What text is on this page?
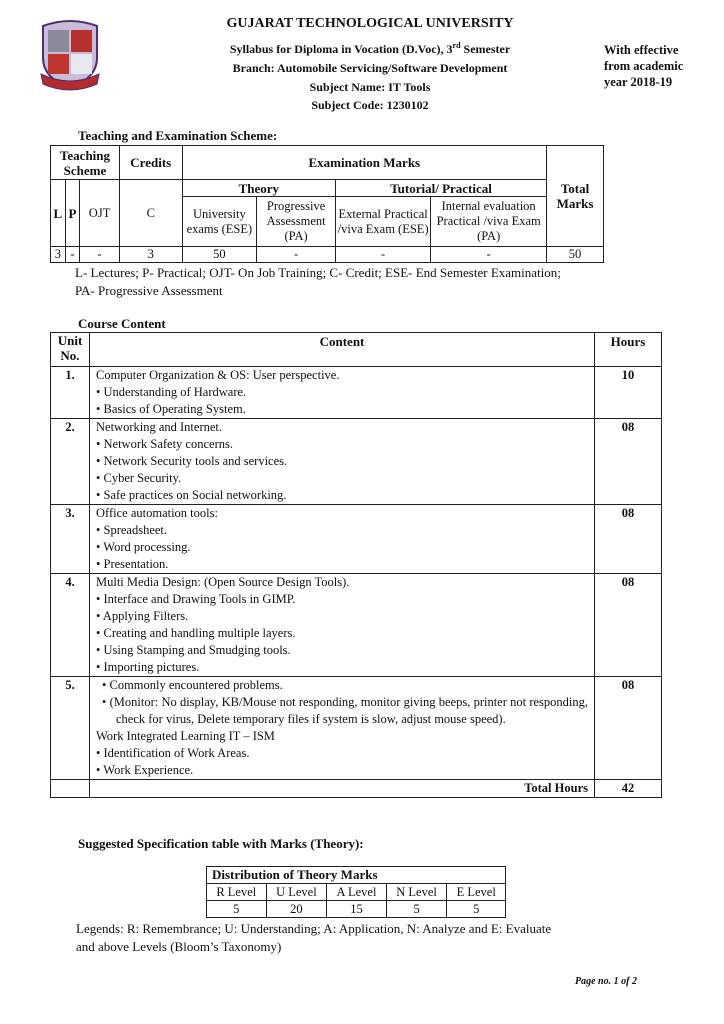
GUJARAT TECHNOLOGICAL UNIVERSITY
Syllabus for Diploma in Vocation (D.Voc), 3rd Semester
Branch: Automobile Servicing/Software Development
Subject Name: IT Tools
Subject Code: 1230102
With effective
from academic
year 2018-19
Teaching and Examination Scheme:
Teaching Scheme			Credits	Examination Marks				Total Marks
L	P	OJT	C	Theory		Tutorial/ Practical		
				University exams (ESE)	Progressive Assessment (PA)	External Practical /viva Exam (ESE)	Internal evaluation Practical /viva Exam (PA)	
3	-	-	3	50	-	-	-	50
L- Lectures; P- Practical; OJT- On Job Training; C- Credit; ESE- End Semester Examination;
PA- Progressive Assessment
Course Content
Unit No.	Content	Hours
1.	Computer Organization & OS: User perspective.
• Understanding of Hardware.
• Basics of Operating System.	10
2.	Networking and Internet.
• Network Safety concerns.
• Network Security tools and services.
• Cyber Security.
• Safe practices on Social networking.	08
3.	Office automation tools:
• Spreadsheet.
• Word processing.
• Presentation.	08
4.	Multi Media Design: (Open Source Design Tools).
• Interface and Drawing Tools in GIMP.
• Applying Filters.
• Creating and handling multiple layers.
• Using Stamping and Smudging tools.
• Importing pictures.
	08
5.	• Commonly encountered problems.
• (Monitor: No display, KB/Mouse not responding, monitor giving beeps, printer not responding, check for virus, Delete temporary files if system is slow, adjust mouse speed).
Work Integrated Learning IT – ISM
• Identification of Work Areas.
• Work Experience.	08
	Total Hours	42
Suggested Specification table with Marks (Theory):
Distribution of Theory Marks				
R Level	U Level	A Level	N Level	E Level
5	20	15	5	5
Legends: R: Remembrance; U: Understanding; A: Application, N: Analyze and E: Evaluate
and above Levels (Bloom’s Taxonomy)
Page no. 1 of 2
